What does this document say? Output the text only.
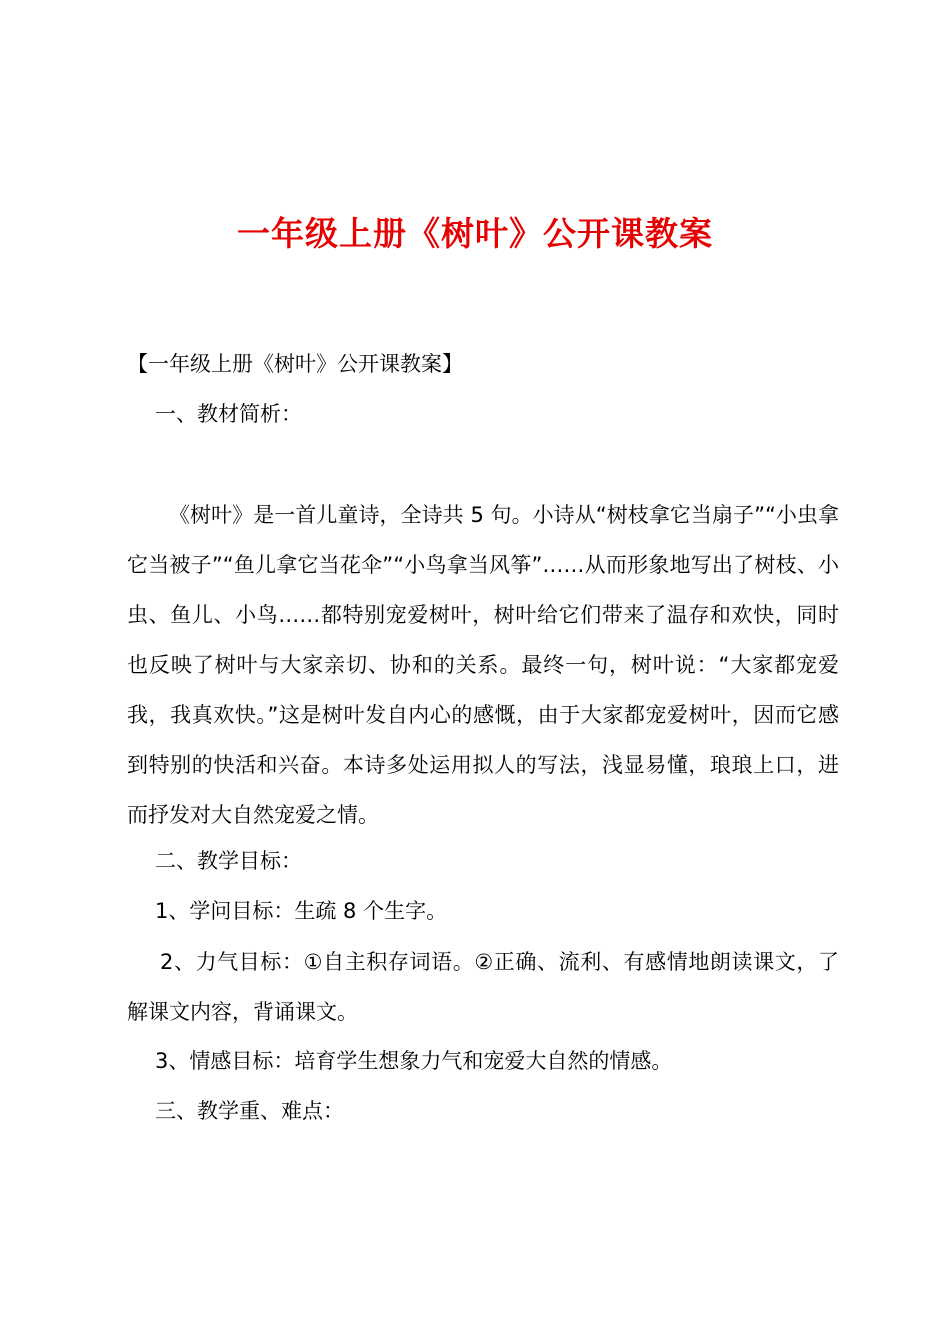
一年级上册《树叶》公开课教案

【一年级上册《树叶》公开课教案】

一、教材简析：

《树叶》是一首儿童诗，全诗共 5 句。小诗从“树枝拿它当扇子”“小虫拿它当被子”“鱼儿拿它当花伞”“小鸟拿当风筝”……从而形象地写出了树枝、小虫、鱼儿、小鸟……都特别宠爱树叶，树叶给它们带来了温存和欢快，同时也反映了树叶与大家亲切、协和的关系。最终一句，树叶说：“大家都宠爱我，我真欢快。”这是树叶发自内心的感慨，由于大家都宠爱树叶，因而它感到特别的快活和兴奋。本诗多处运用拟人的写法，浅显易懂，琅琅上口，进而抒发对大自然宠爱之情。

二、教学目标：

1、学问目标：生疏 8 个生字。

2、力气目标：①自主积存词语。②正确、流利、有感情地朗读课文，了解课文内容，背诵课文。

3、情感目标：培育学生想象力气和宠爱大自然的情感。

三、教学重、难点：
